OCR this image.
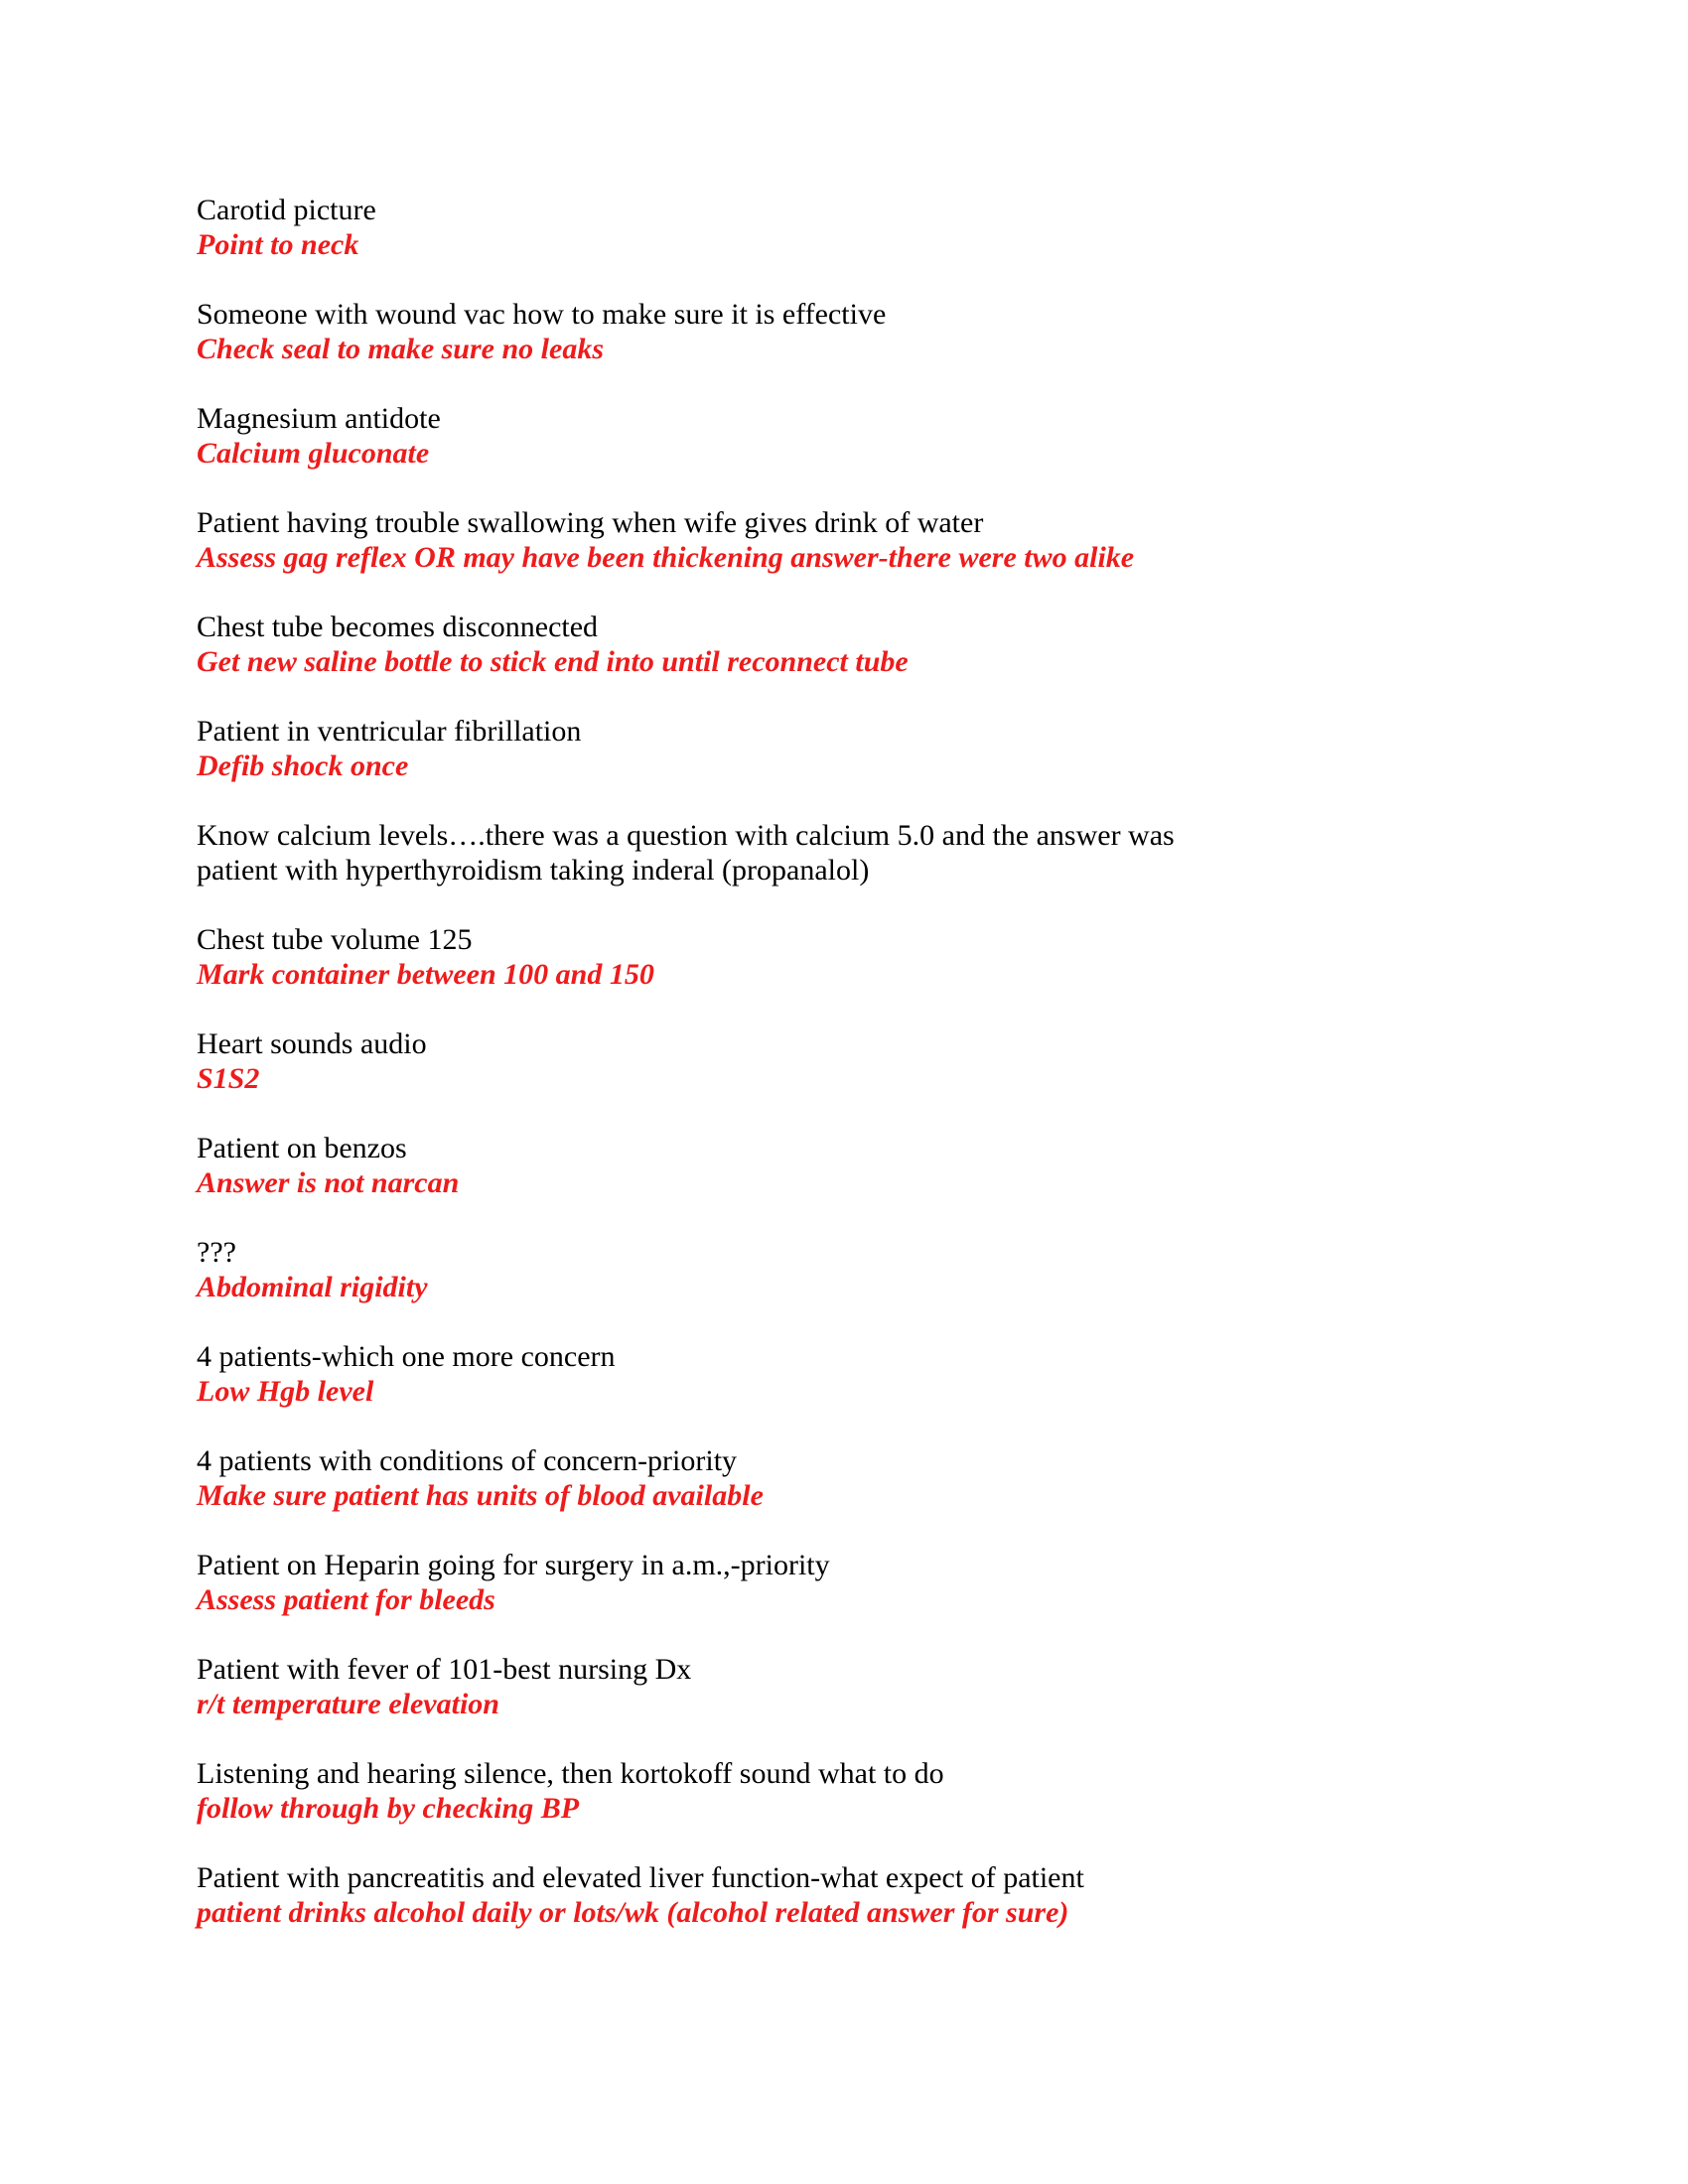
Carotid picture
Point to neck
Someone with wound vac how to make sure it is effective
Check seal to make sure no leaks
Magnesium antidote
Calcium gluconate
Patient having trouble swallowing when wife gives drink of water
Assess gag reflex OR may have been thickening answer-there were two alike
Chest tube becomes disconnected
Get new saline bottle to stick end into until reconnect tube
Patient in ventricular fibrillation
Defib shock once
Know calcium levels….there was a question with calcium 5.0 and the answer was
patient with hyperthyroidism taking inderal (propanalol)
Chest tube volume 125
Mark container between 100 and 150
Heart sounds audio
S1S2
Patient on benzos
Answer is not narcan
???
Abdominal rigidity
4 patients-which one more concern
Low Hgb level
4 patients with conditions of concern-priority
Make sure patient has units of blood available
Patient on Heparin going for surgery in a.m.,-priority
Assess patient for bleeds
Patient with fever of 101-best nursing Dx
r/t temperature elevation
Listening and hearing silence, then kortokoff sound what to do
follow through by checking BP
Patient with pancreatitis and elevated liver function-what expect of patient
patient drinks alcohol daily or lots/wk (alcohol related answer for sure)
